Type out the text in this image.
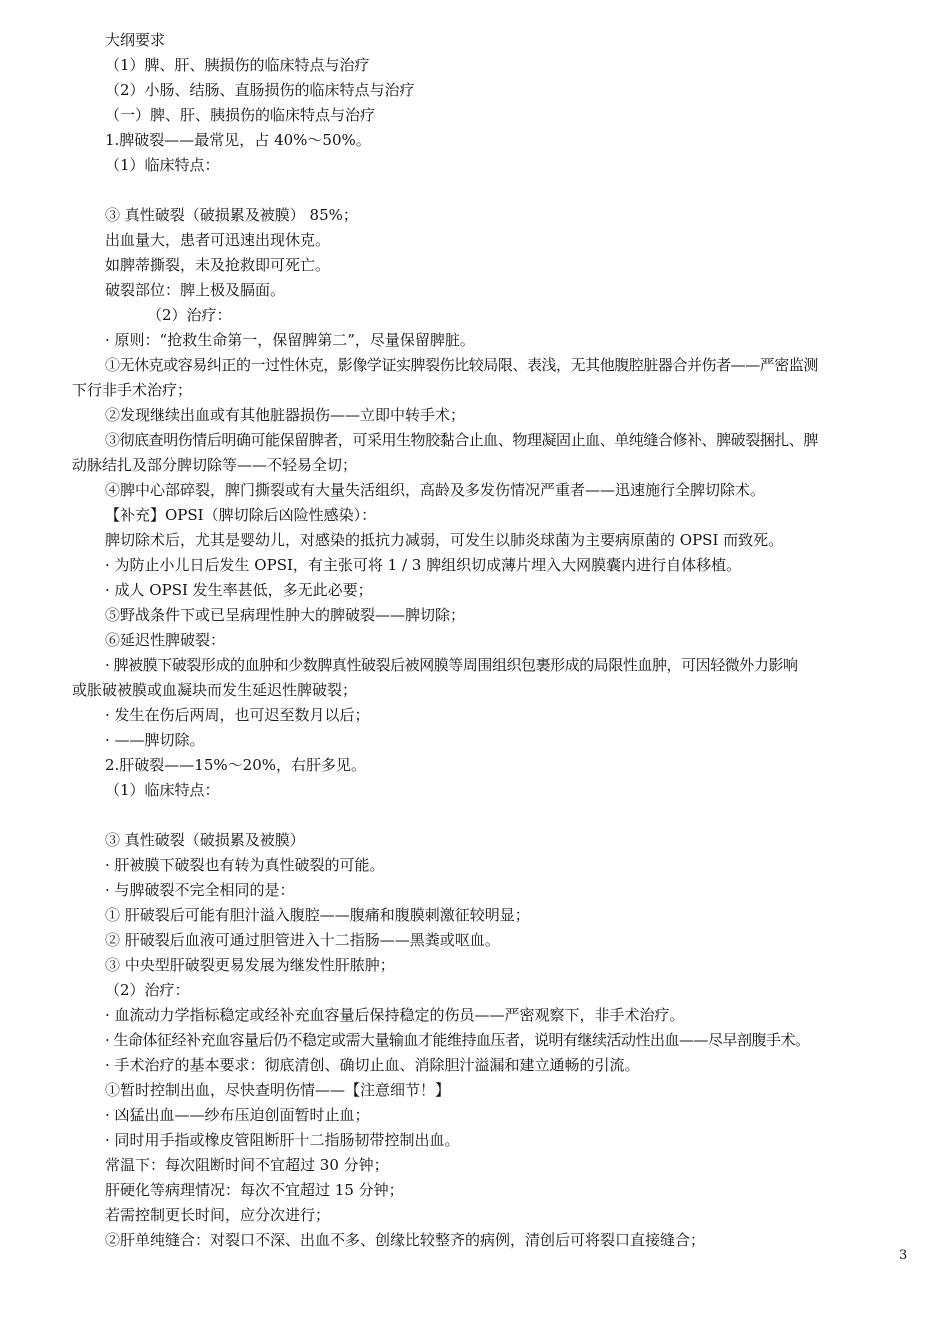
大纲要求
（1）脾、肝、胰损伤的临床特点与治疗
（2）小肠、结肠、直肠损伤的临床特点与治疗
（一）脾、肝、胰损伤的临床特点与治疗
1.脾破裂——最常见，占 40%～50%。
（1）临床特点：
③ 真性破裂（破损累及被膜） 85%；
出血量大，患者可迅速出现休克。
如脾蒂撕裂，未及抢救即可死亡。
破裂部位：脾上极及膈面。
（2）治疗：
· 原则：“抢救生命第一，保留脾第二”，尽量保留脾脏。
①无休克或容易纠正的一过性休克，影像学证实脾裂伤比较局限、表浅，无其他腹腔脏器合并伤者——严密监测
下行非手术治疗；
②发现继续出血或有其他脏器损伤——立即中转手术；
③彻底查明伤情后明确可能保留脾者，可采用生物胶黏合止血、物理凝固止血、单纯缝合修补、脾破裂捆扎、脾
动脉结扎及部分脾切除等——不轻易全切；
④脾中心部碎裂，脾门撕裂或有大量失活组织，高龄及多发伤情况严重者——迅速施行全脾切除术。
【补充】OPSI（脾切除后凶险性感染）：
脾切除术后，尤其是婴幼儿，对感染的抵抗力减弱，可发生以肺炎球菌为主要病原菌的 OPSI 而致死。
· 为防止小儿日后发生 OPSI，有主张可将 1 / 3 脾组织切成薄片埋入大网膜囊内进行自体移植。
· 成人 OPSI 发生率甚低，多无此必要；
⑤野战条件下或已呈病理性肿大的脾破裂——脾切除；
⑥延迟性脾破裂：
· 脾被膜下破裂形成的血肿和少数脾真性破裂后被网膜等周围组织包裹形成的局限性血肿，可因轻微外力影响
或胀破被膜或血凝块而发生延迟性脾破裂；
· 发生在伤后两周，也可迟至数月以后；
· ——脾切除。
2.肝破裂——15%～20%，右肝多见。
（1）临床特点：
③ 真性破裂（破损累及被膜）
· 肝被膜下破裂也有转为真性破裂的可能。
· 与脾破裂不完全相同的是：
① 肝破裂后可能有胆汁溢入腹腔——腹痛和腹膜刺激征较明显；
② 肝破裂后血液可通过胆管进入十二指肠——黑粪或呕血。
③ 中央型肝破裂更易发展为继发性肝脓肿；
（2）治疗：
· 血流动力学指标稳定或经补充血容量后保持稳定的伤员——严密观察下，非手术治疗。
· 生命体征经补充血容量后仍不稳定或需大量输血才能维持血压者，说明有继续活动性出血——尽早剖腹手术。
· 手术治疗的基本要求：彻底清创、确切止血、消除胆汁溢漏和建立通畅的引流。
①暂时控制出血，尽快查明伤情——【注意细节！】
· 凶猛出血——纱布压迫创面暂时止血；
· 同时用手指或橡皮管阻断肝十二指肠韧带控制出血。
常温下：每次阻断时间不宜超过 30 分钟；
肝硬化等病理情况：每次不宜超过 15 分钟；
若需控制更长时间，应分次进行；
②肝单纯缝合：对裂口不深、出血不多、创缘比较整齐的病例，清创后可将裂口直接缝合；
3
